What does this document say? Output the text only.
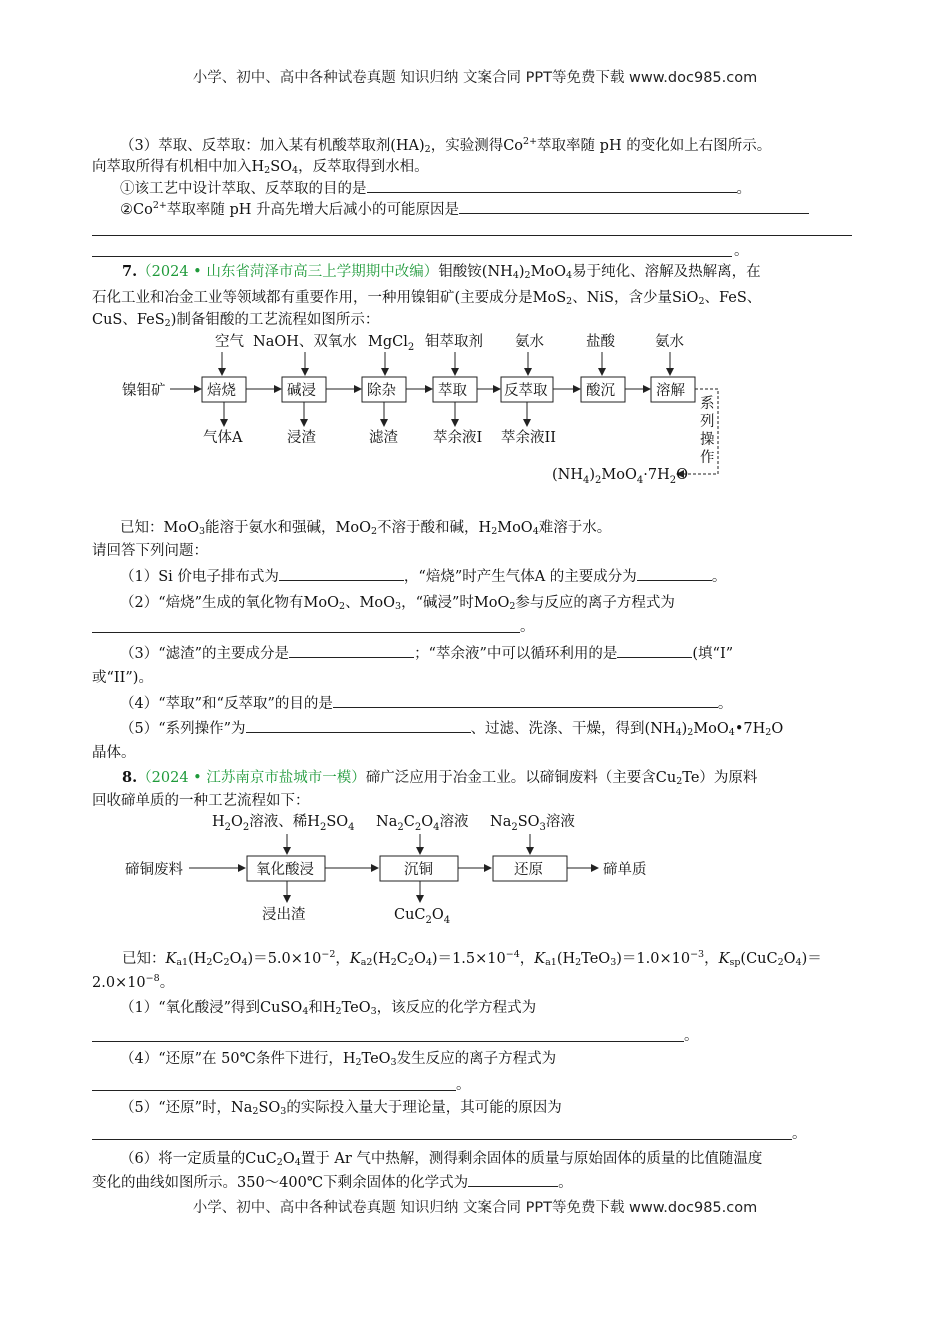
小学、初中、高中各种试卷真题 知识归纳 文案合同 PPT等免费下载 www.doc985.com
（3）萃取、反萃取：加入某有机酸萃取剂$(HA)_2$，实验测得$Co^{2+}$萃取率随 pH 的变化如上右图所示。
向萃取所得有机相中加入$H_2SO_4$，反萃取得到水相。
①该工艺中设计萃取、反萃取的目的是	。
$②Co^{2+}$萃取率随 pH 升高先增大后减小的可能原因是
。
7.（2024 • 山东省菏泽市高三上学期期中改编）钼酸铵$(NH_4)_2MoO_4$易于纯化、溶解及热解离，在
石化工业和冶金工业等领域都有重要作用，一种用镍钼矿(主要成分是MoS$_2$、NiS，含少量SiO$_2$、FeS、
CuS、FeS$_2$)制备钼酸的工艺流程如图所示：
空气 NaOH、双氧水 MgCl$_2$ 钼萃取剂 氨水	盐酸	氨水
镍钼矿	焙烧	碱浸	除杂	萃取	反萃取	酸沉	溶解
气体A	浸渣	滤渣 萃余液I 萃余液II
系
列
操
作
$(NH_4)_2MoO_4\cdot 7H_2O$
已知：MoO$_3$能溶于氨水和强碱，MoO$_2$不溶于酸和碱，$H_2MoO_4$难溶于水。
请回答下列问题：
（1）Si 价电子排布式为	，“焙烧”时产生气体A 的主要成分为	。
（2）“焙烧”生成的氧化物有MoO$_2$、MoO$_3$，“碱浸”时MoO$_2$参与反应的离子方程式为
。
（3）“滤渣”的主要成分是	；“萃余液”中可以循环利用的是	(填“I”
或“II”)。
（4）“萃取”和“反萃取”的目的是	。
（5）“系列操作”为	、过滤、洗涤、干燥，得到$(NH_4)_2MoO_4•7H_2O$
晶体。
8.（2024 • 江苏南京市盐城市一模）碲广泛应用于冶金工业。以碲铜废料（主要含$Cu_2Te$）为原料
回收碲单质的一种工艺流程如下：
$H_2O_2$溶液、稀$H_2SO_4$ $Na_2C_2O_4$溶液 $Na_2SO_3$溶液
碲铜废料	氧化酸浸	沉铜	还原	碲单质
浸出渣	$CuC_2O_4$
已知：$K_{a1}(H_2C_2O_4)=5.0\times 10^{-2}$，$K_{a2}(H_2C_2O_4)=1.5\times 10^{-4}$，$K_{a1}(H_2TeO_3)=1.0\times 10^{-3}$，$K_{sp}(CuC_2O_4)=$
$2.0\times 10^{-8}$。
（1）“氧化酸浸”得到CuSO$_4$和$H_2TeO_3$，该反应的化学方程式为
。
（4）“还原”在 50℃条件下进行，$H_2TeO_3$发生反应的离子方程式为
。
（5）“还原”时，$Na_2SO_3$的实际投入量大于理论量，其可能的原因为
。
（6）将一定质量的$CuC_2O_4$置于 Ar 气中热解，测得剩余固体的质量与原始固体的质量的比值随温度
变化的曲线如图所示。350～400℃下剩余固体的化学式为	。
小学、初中、高中各种试卷真题 知识归纳 文案合同 PPT等免费下载 www.doc985.com
